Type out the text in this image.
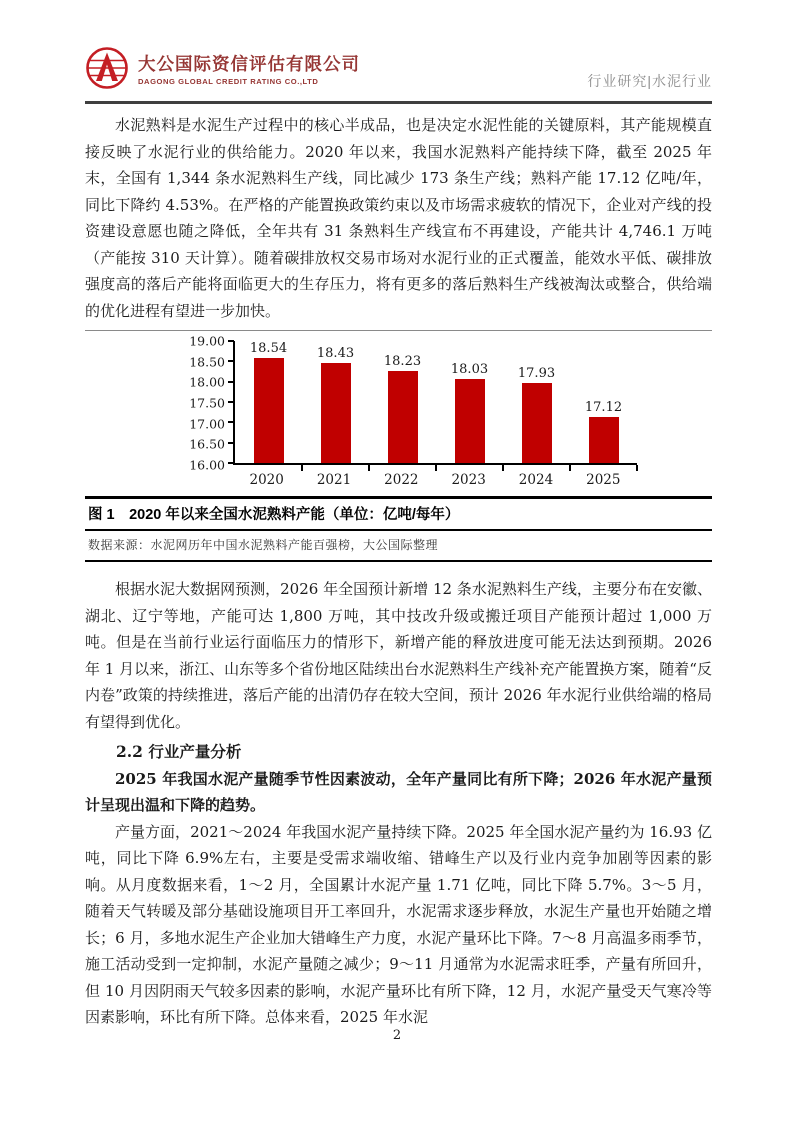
大公国际资信评估有限公司
DAGONG GLOBAL CREDIT RATING CO.,LTD	行业研究|水泥行业

水泥熟料是水泥生产过程中的核心半成品，也是决定水泥性能的关键原料，其产能规模直接反映了水泥行业的供给能力。2020 年以来，我国水泥熟料产能持续下降，截至 2025 年末，全国有 1,344 条水泥熟料生产线，同比减少 173 条生产线；熟料产能 17.12 亿吨/年，同比下降约 4.53%。在严格的产能置换政策约束以及市场需求疲软的情况下，企业对产线的投资建设意愿也随之降低，全年共有 31 条熟料生产线宣布不再建设，产能共计 4,746.1 万吨（产能按 310 天计算）。随着碳排放权交易市场对水泥行业的正式覆盖，能效水平低、碳排放强度高的落后产能将面临更大的生存压力，将有更多的落后熟料生产线被淘汰或整合，供给端的优化进程有望进一步加快。

19.00
18.50
18.00
17.50
17.00
16.50
16.00
18.54 18.43
18.23
18.03 17.93
17.12
2020	2021	2022	2023	2024	2025
图 1　2020 年以来全国水泥熟料产能（单位：亿吨/每年）
数据来源：水泥网历年中国水泥熟料产能百强榜，大公国际整理

根据水泥大数据网预测，2026 年全国预计新增 12 条水泥熟料生产线，主要分布在安徽、湖北、辽宁等地，产能可达 1,800 万吨，其中技改升级或搬迁项目产能预计超过 1,000 万吨。但是在当前行业运行面临压力的情形下，新增产能的释放进度可能无法达到预期。2026 年 1 月以来，浙江、山东等多个省份地区陆续出台水泥熟料生产线补充产能置换方案，随着“反内卷”政策的持续推进，落后产能的出清仍存在较大空间，预计 2026 年水泥行业供给端的格局有望得到优化。

2.2 行业产量分析

2025 年我国水泥产量随季节性因素波动，全年产量同比有所下降；2026 年水泥产量预计呈现出温和下降的趋势。

产量方面，2021～2024 年我国水泥产量持续下降。2025 年全国水泥产量约为 16.93 亿吨，同比下降 6.9%左右，主要是受需求端收缩、错峰生产以及行业内竞争加剧等因素的影响。从月度数据来看，1～2 月，全国累计水泥产量 1.71 亿吨，同比下降 5.7%。3～5 月，随着天气转暖及部分基础设施项目开工率回升，水泥需求逐步释放，水泥生产量也开始随之增长；6 月，多地水泥生产企业加大错峰生产力度，水泥产量环比下降。7～8 月高温多雨季节，施工活动受到一定抑制，水泥产量随之减少；9～11 月通常为水泥需求旺季，产量有所回升，但 10 月因阴雨天气较多因素的影响，水泥产量环比有所下降，12 月，水泥产量受天气寒冷等因素影响，环比有所下降。总体来看，2025 年水泥

2
